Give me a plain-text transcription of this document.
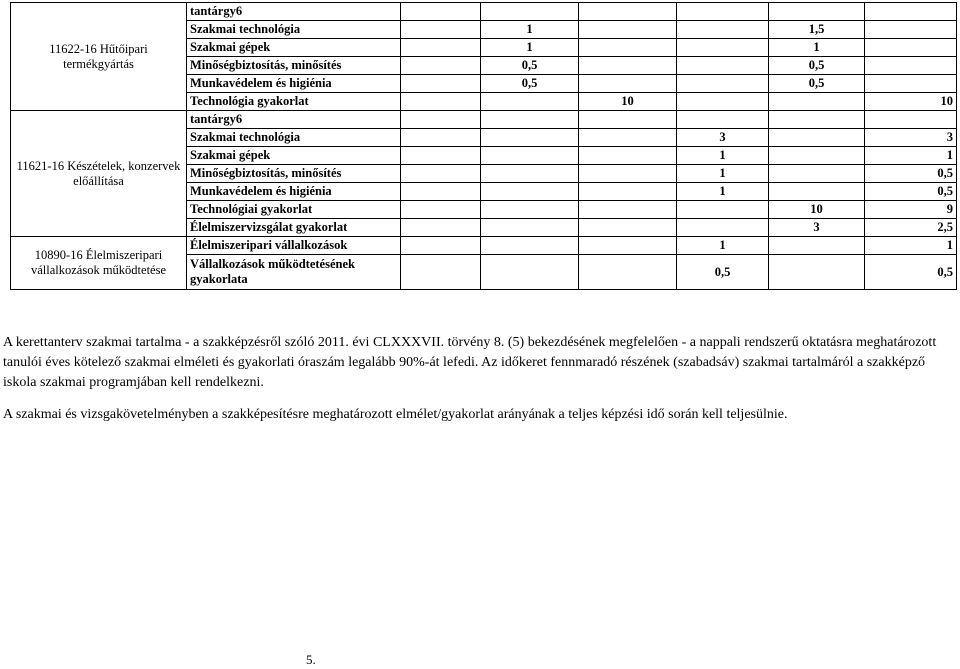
11622-16 Hűtőipari termékgyártás	tantárgy6						
	Szakmai technológia		1			1,5	
	Szakmai gépek		1			1	
	Minőségbiztosítás, minősítés		0,5			0,5	
	Munkavédelem és higiénia		0,5			0,5	
	Technológia gyakorlat			10			10
11621-16 Készételek, konzervek előállítása	tantárgy6						
	Szakmai technológia				3		3
	Szakmai gépek				1		1
	Minőségbiztosítás, minősítés				1		0,5
	Munkavédelem és higiénia				1		0,5
	Technológiai gyakorlat					10	9
	Élelmiszervizsgálat gyakorlat					3	2,5
10890-16 Élelmiszeripari vállalkozások működtetése	Élelmiszeripari vállalkozások				1		1
	Vállalkozások működtetésének gyakorlata				0,5		0,5

A kerettanterv szakmai tartalma - a szakképzésről szóló 2011. évi CLXXXVII. törvény 8. (5) bekezdésének megfelelően - a nappali rendszerű oktatásra meghatározott tanulói éves kötelező szakmai elméleti és gyakorlati óraszám legalább 90%-át lefedi. Az időkeret fennmaradó részének (szabadsáv) szakmai tartalmáról a szakképző iskola szakmai programjában kell rendelkezni.

A szakmai és vizsgakövetelményben a szakképesítésre meghatározott elmélet/gyakorlat arányának a teljes képzési idő során kell teljesülnie.

5.
